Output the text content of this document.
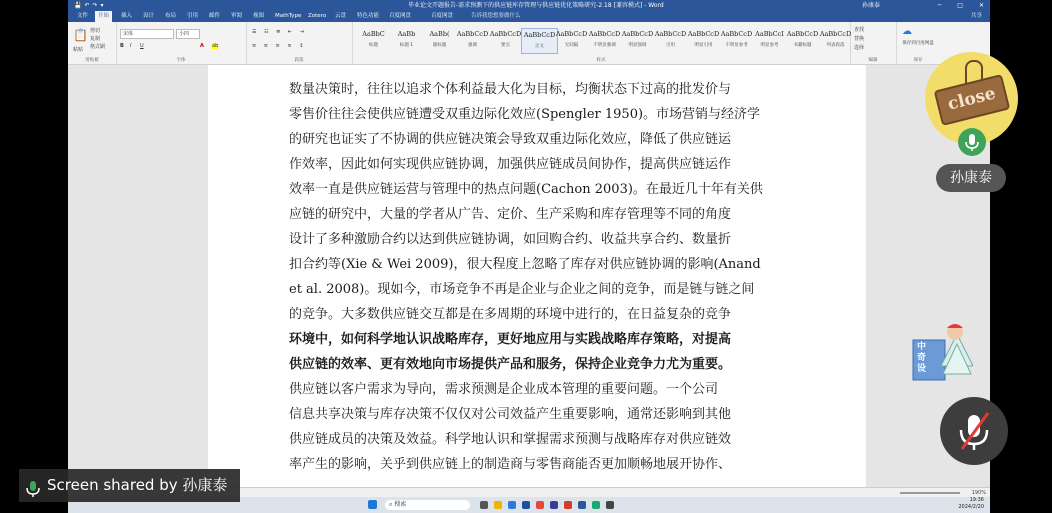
💾↶↷▾	毕业论文开题报告-需求预测下的供应链库存管理与供应链优化策略研究-2.18 [兼容模式] - Word	孙康泰	─	□	✕
文件	开始	插入	设计	布局	引用	邮件	审阅	视图	MathType	Zotero	云盘	特色功能	百度网盘	百度网盘	告诉我您想要做什么	共享
📋
粘贴
剪切
复制
格式刷
剪贴板
宋体	小四
B I U	A ab
字体
☰ ☷ ≣ ⇤ ⇥
≡ ≡ ≡ ≡ ↕
段落	样式
AaBbC
标题
AaBb
标题 1
AaBb(
副标题
AaBbCcD
强调
AaBbCcD
要点
AaBbCcD
正文
AaBbCcD
无间隔
AaBbCcD
不明显强调
AaBbCcD
明显强调
AaBbCcD
引用
AaBbCcD
明显引用
AaBbCcD
不明显参考
AaBbCcI
明显参考
AaBbCcD
书籍标题
AaBbCcD
列表段落
查找
替换
选择
编辑
☁
保存到百度网盘
保存
数量决策时，往往以追求个体利益最大化为目标，均衡状态下过高的批发价与
零售价往往会使供应链遭受双重边际化效应(Spengler 1950)。市场营销与经济学
的研究也证实了不协调的供应链决策会导致双重边际化效应，降低了供应链运
作效率，因此如何实现供应链协调，加强供应链成员间协作，提高供应链运作
效率一直是供应链运营与管理中的热点问题(Cachon 2003)。在最近几十年有关供
应链的研究中，大量的学者从广告、定价、生产采购和库存管理等不同的角度
设计了多种激励合约以达到供应链协调，如回购合约、收益共享合约、数量折
扣合约等(Xie & Wei 2009)，很大程度上忽略了库存对供应链协调的影响(Anand
et al. 2008)。现如今，市场竞争不再是企业与企业之间的竞争，而是链与链之间
的竞争。大多数供应链交互都是在多周期的环境中进行的，在日益复杂的竞争
环境中，如何科学地认识战略库存，更好地应用与实践战略库存策略，对提高
供应链的效率、更有效地向市场提供产品和服务，保持企业竞争力尤为重要。
供应链以客户需求为导向，需求预测是企业成本管理的重要问题。一个公司
信息共享决策与库存决策不仅仅对公司效益产生重要影响，通常还影响到其他
供应链成员的决策及效益。科学地认识和掌握需求预测与战略库存对供应链效
率产生的影响，关乎到供应链上的制造商与零售商能否更加顺畅地展开协作、
190%
⌕ 搜索
19:36
2024/2/20
close
孙康泰
中奇设
Screen shared by 孙康泰
